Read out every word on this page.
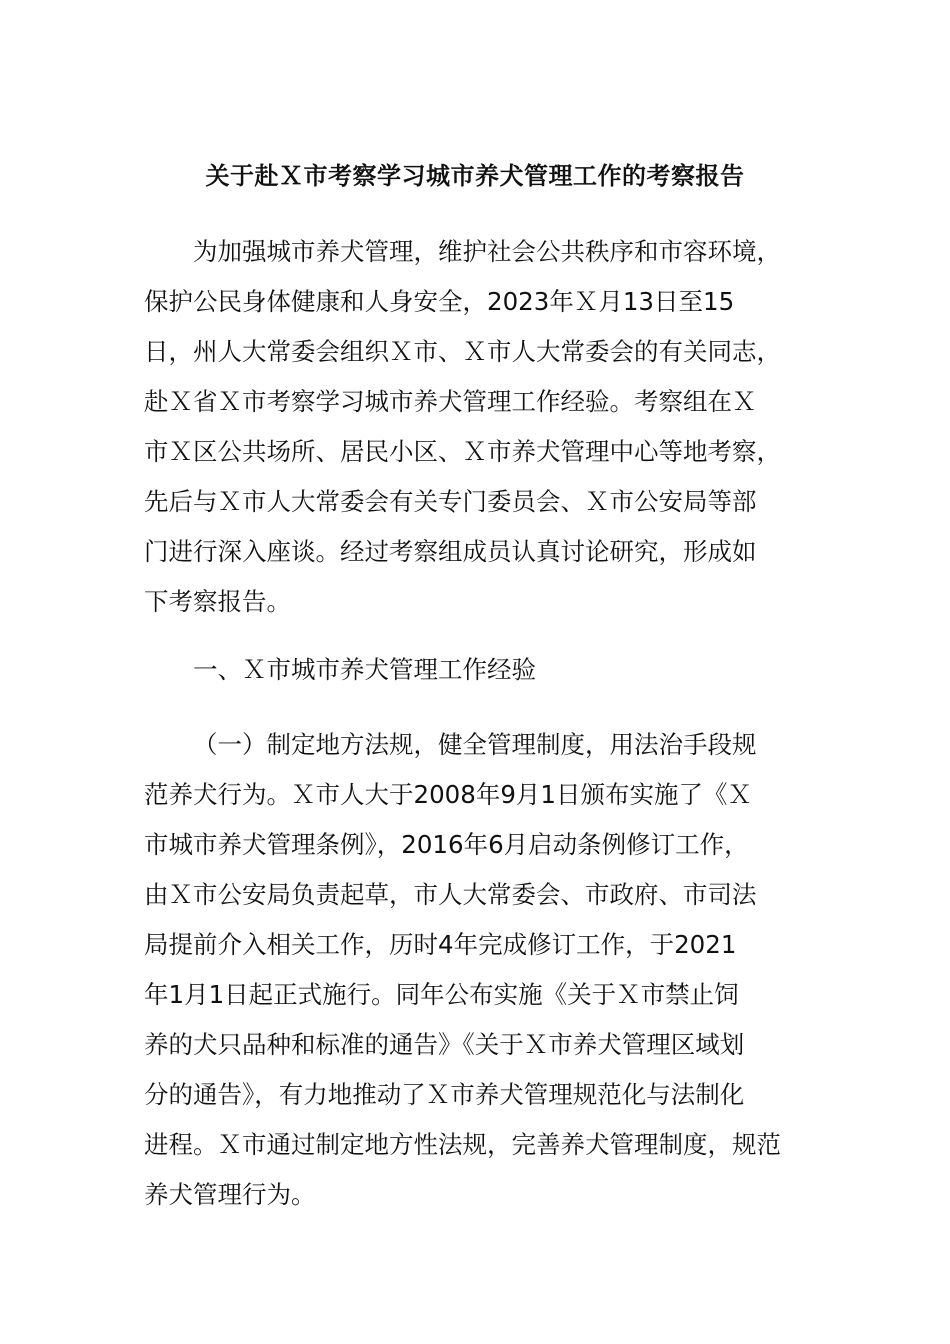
关于赴Ｘ市考察学习城市养犬管理工作的考察报告
为加强城市养犬管理，维护社会公共秩序和市容环境，
保护公民身体健康和人身安全，2023年Ｘ月13日至15
日，州人大常委会组织Ｘ市、Ｘ市人大常委会的有关同志，
赴Ｘ省Ｘ市考察学习城市养犬管理工作经验。考察组在Ｘ
市Ｘ区公共场所、居民小区、Ｘ市养犬管理中心等地考察，
先后与Ｘ市人大常委会有关专门委员会、Ｘ市公安局等部
门进行深入座谈。经过考察组成员认真讨论研究，形成如
下考察报告。
一、Ｘ市城市养犬管理工作经验
（一）制定地方法规，健全管理制度，用法治手段规
范养犬行为。Ｘ市人大于2008年9月1日颁布实施了《Ｘ
市城市养犬管理条例》，2016年6月启动条例修订工作，
由Ｘ市公安局负责起草，市人大常委会、市政府、市司法
局提前介入相关工作，历时4年完成修订工作，于2021
年1月1日起正式施行。同年公布实施《关于Ｘ市禁止饲
养的犬只品种和标准的通告》《关于Ｘ市养犬管理区域划
分的通告》，有力地推动了Ｘ市养犬管理规范化与法制化
进程。Ｘ市通过制定地方性法规，完善养犬管理制度，规范
养犬管理行为。
